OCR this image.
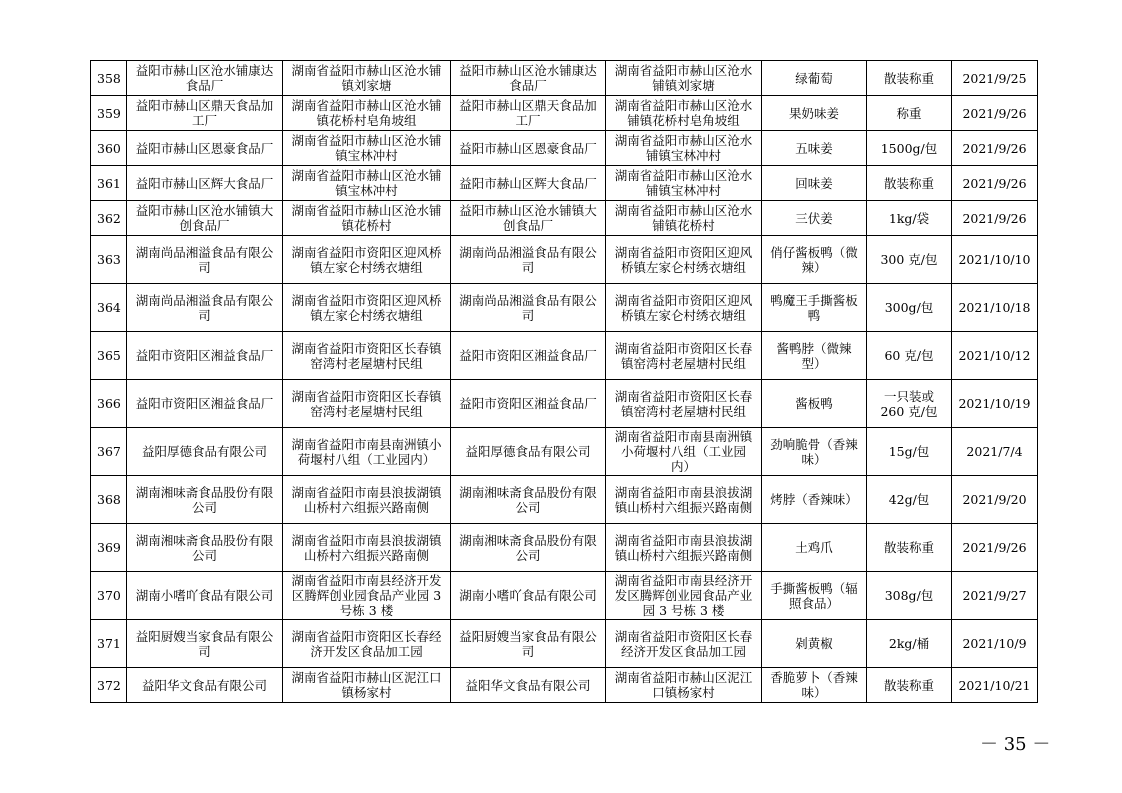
358	益阳市赫山区沧水铺康达食品厂	湖南省益阳市赫山区沧水铺镇刘家塘	益阳市赫山区沧水铺康达食品厂	湖南省益阳市赫山区沧水铺镇刘家塘	绿葡萄	散装称重	2021/9/25
359	益阳市赫山区鼎天食品加工厂	湖南省益阳市赫山区沧水铺镇花桥村皂角坡组	益阳市赫山区鼎天食品加工厂	湖南省益阳市赫山区沧水铺镇花桥村皂角坡组	果奶味姜	称重	2021/9/26
360	益阳市赫山区恩豪食品厂	湖南省益阳市赫山区沧水铺镇宝林冲村	益阳市赫山区恩豪食品厂	湖南省益阳市赫山区沧水铺镇宝林冲村	五味姜	1500g/包	2021/9/26
361	益阳市赫山区辉大食品厂	湖南省益阳市赫山区沧水铺镇宝林冲村	益阳市赫山区辉大食品厂	湖南省益阳市赫山区沧水铺镇宝林冲村	回味姜	散装称重	2021/9/26
362	益阳市赫山区沧水铺镇大创食品厂	湖南省益阳市赫山区沧水铺镇花桥村	益阳市赫山区沧水铺镇大创食品厂	湖南省益阳市赫山区沧水铺镇花桥村	三伏姜	1kg/袋	2021/9/26
363	湖南尚品湘溢食品有限公司	湖南省益阳市资阳区迎风桥镇左家仑村绣衣塘组	湖南尚品湘溢食品有限公司	湖南省益阳市资阳区迎风桥镇左家仑村绣衣塘组	俏仔酱板鸭（微辣）	300 克/包	2021/10/10
364	湖南尚品湘溢食品有限公司	湖南省益阳市资阳区迎风桥镇左家仑村绣衣塘组	湖南尚品湘溢食品有限公司	湖南省益阳市资阳区迎风桥镇左家仑村绣衣塘组	鸭魔王手撕酱板鸭	300g/包	2021/10/18
365	益阳市资阳区湘益食品厂	湖南省益阳市资阳区长春镇窑湾村老屋塘村民组	益阳市资阳区湘益食品厂	湖南省益阳市资阳区长春镇窑湾村老屋塘村民组	酱鸭脖（微辣型）	60 克/包	2021/10/12
366	益阳市资阳区湘益食品厂	湖南省益阳市资阳区长春镇窑湾村老屋塘村民组	益阳市资阳区湘益食品厂	湖南省益阳市资阳区长春镇窑湾村老屋塘村民组	酱板鸭	一只装或 260 克/包	2021/10/19
367	益阳厚德食品有限公司	湖南省益阳市南县南洲镇小荷堰村八组（工业园内）	益阳厚德食品有限公司	湖南省益阳市南县南洲镇小荷堰村八组（工业园内）	劲响脆骨（香辣味）	15g/包	2021/7/4
368	湖南湘味斋食品股份有限公司	湖南省益阳市南县浪拔湖镇山桥村六组振兴路南侧	湖南湘味斋食品股份有限公司	湖南省益阳市南县浪拔湖镇山桥村六组振兴路南侧	烤脖（香辣味）	42g/包	2021/9/20
369	湖南湘味斋食品股份有限公司	湖南省益阳市南县浪拔湖镇山桥村六组振兴路南侧	湖南湘味斋食品股份有限公司	湖南省益阳市南县浪拔湖镇山桥村六组振兴路南侧	土鸡爪	散装称重	2021/9/26
370	湖南小嗜吖食品有限公司	湖南省益阳市南县经济开发区腾辉创业园食品产业园 3 号栋 3 楼	湖南小嗜吖食品有限公司	湖南省益阳市南县经济开发区腾辉创业园食品产业园 3 号栋 3 楼	手撕酱板鸭（辐照食品）	308g/包	2021/9/27
371	益阳厨嫂当家食品有限公司	湖南省益阳市资阳区长春经济开发区食品加工园	益阳厨嫂当家食品有限公司	湖南省益阳市资阳区长春经济开发区食品加工园	剁黄椒	2kg/桶	2021/10/9
372	益阳华文食品有限公司	湖南省益阳市赫山区泥江口镇杨家村	益阳华文食品有限公司	湖南省益阳市赫山区泥江口镇杨家村	香脆萝卜（香辣味）	散装称重	2021/10/21
－ 35 －
